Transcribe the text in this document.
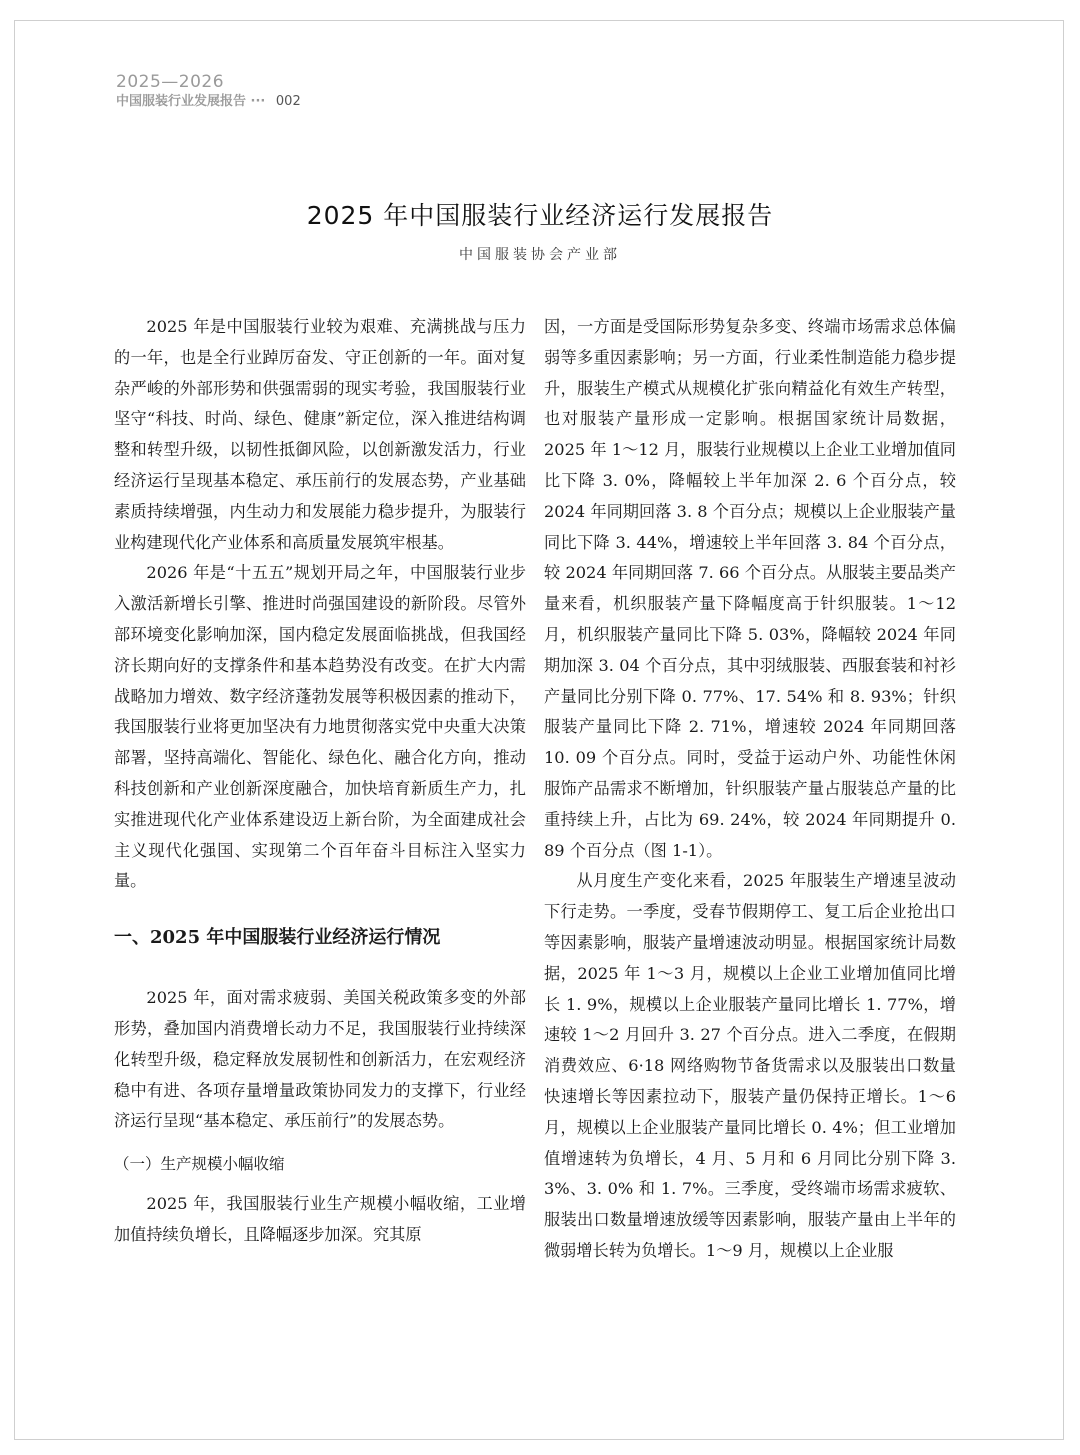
2025—2026
中国服装行业发展报告 ··· 002
2025 年中国服装行业经济运行发展报告
中国服装协会产业部

2025 年是中国服装行业较为艰难、充满挑战与压力的一年，也是全行业踔厉奋发、守正创新的一年。面对复杂严峻的外部形势和供强需弱的现实考验，我国服装行业坚守“科技、时尚、绿色、健康”新定位，深入推进结构调整和转型升级，以韧性抵御风险，以创新激发活力，行业经济运行呈现基本稳定、承压前行的发展态势，产业基础素质持续增强，内生动力和发展能力稳步提升，为服装行业构建现代化产业体系和高质量发展筑牢根基。

2026 年是“十五五”规划开局之年，中国服装行业步入激活新增长引擎、推进时尚强国建设的新阶段。尽管外部环境变化影响加深，国内稳定发展面临挑战，但我国经济长期向好的支撑条件和基本趋势没有改变。在扩大内需战略加力增效、数字经济蓬勃发展等积极因素的推动下，我国服装行业将更加坚决有力地贯彻落实党中央重大决策部署，坚持高端化、智能化、绿色化、融合化方向，推动科技创新和产业创新深度融合，加快培育新质生产力，扎实推进现代化产业体系建设迈上新台阶，为全面建成社会主义现代化强国、实现第二个百年奋斗目标注入坚实力量。

一、2025 年中国服装行业经济运行情况

2025 年，面对需求疲弱、美国关税政策多变的外部形势，叠加国内消费增长动力不足，我国服装行业持续深化转型升级，稳定释放发展韧性和创新活力，在宏观经济稳中有进、各项存量增量政策协同发力的支撑下，行业经济运行呈现“基本稳定、承压前行”的发展态势。

（一）生产规模小幅收缩

2025 年，我国服装行业生产规模小幅收缩，工业增加值持续负增长，且降幅逐步加深。究其原

因，一方面是受国际形势复杂多变、终端市场需求总体偏弱等多重因素影响；另一方面，行业柔性制造能力稳步提升，服装生产模式从规模化扩张向精益化有效生产转型，也对服装产量形成一定影响。根据国家统计局数据，2025 年 1～12 月，服装行业规模以上企业工业增加值同比下降 3. 0%，降幅较上半年加深 2. 6 个百分点，较 2024 年同期回落 3. 8 个百分点；规模以上企业服装产量同比下降 3. 44%，增速较上半年回落 3. 84 个百分点，较 2024 年同期回落 7. 66 个百分点。从服装主要品类产量来看，机织服装产量下降幅度高于针织服装。1～12 月，机织服装产量同比下降 5. 03%，降幅较 2024 年同期加深 3. 04 个百分点，其中羽绒服装、西服套装和衬衫产量同比分别下降 0. 77%、17. 54% 和 8. 93%；针织服装产量同比下降 2. 71%，增速较 2024 年同期回落 10. 09 个百分点。同时，受益于运动户外、功能性休闲服饰产品需求不断增加，针织服装产量占服装总产量的比重持续上升，占比为 69. 24%，较 2024 年同期提升 0. 89 个百分点（图 1-1）。

从月度生产变化来看，2025 年服装生产增速呈波动下行走势。一季度，受春节假期停工、复工后企业抢出口等因素影响，服装产量增速波动明显。根据国家统计局数据，2025 年 1～3 月，规模以上企业工业增加值同比增长 1. 9%，规模以上企业服装产量同比增长 1. 77%，增速较 1～2 月回升 3. 27 个百分点。进入二季度，在假期消费效应、6·18 网络购物节备货需求以及服装出口数量快速增长等因素拉动下，服装产量仍保持正增长。1～6 月，规模以上企业服装产量同比增长 0. 4%；但工业增加值增速转为负增长，4 月、5 月和 6 月同比分别下降 3. 3%、3. 0% 和 1. 7%。三季度，受终端市场需求疲软、服装出口数量增速放缓等因素影响，服装产量由上半年的微弱增长转为负增长。1～9 月，规模以上企业服
